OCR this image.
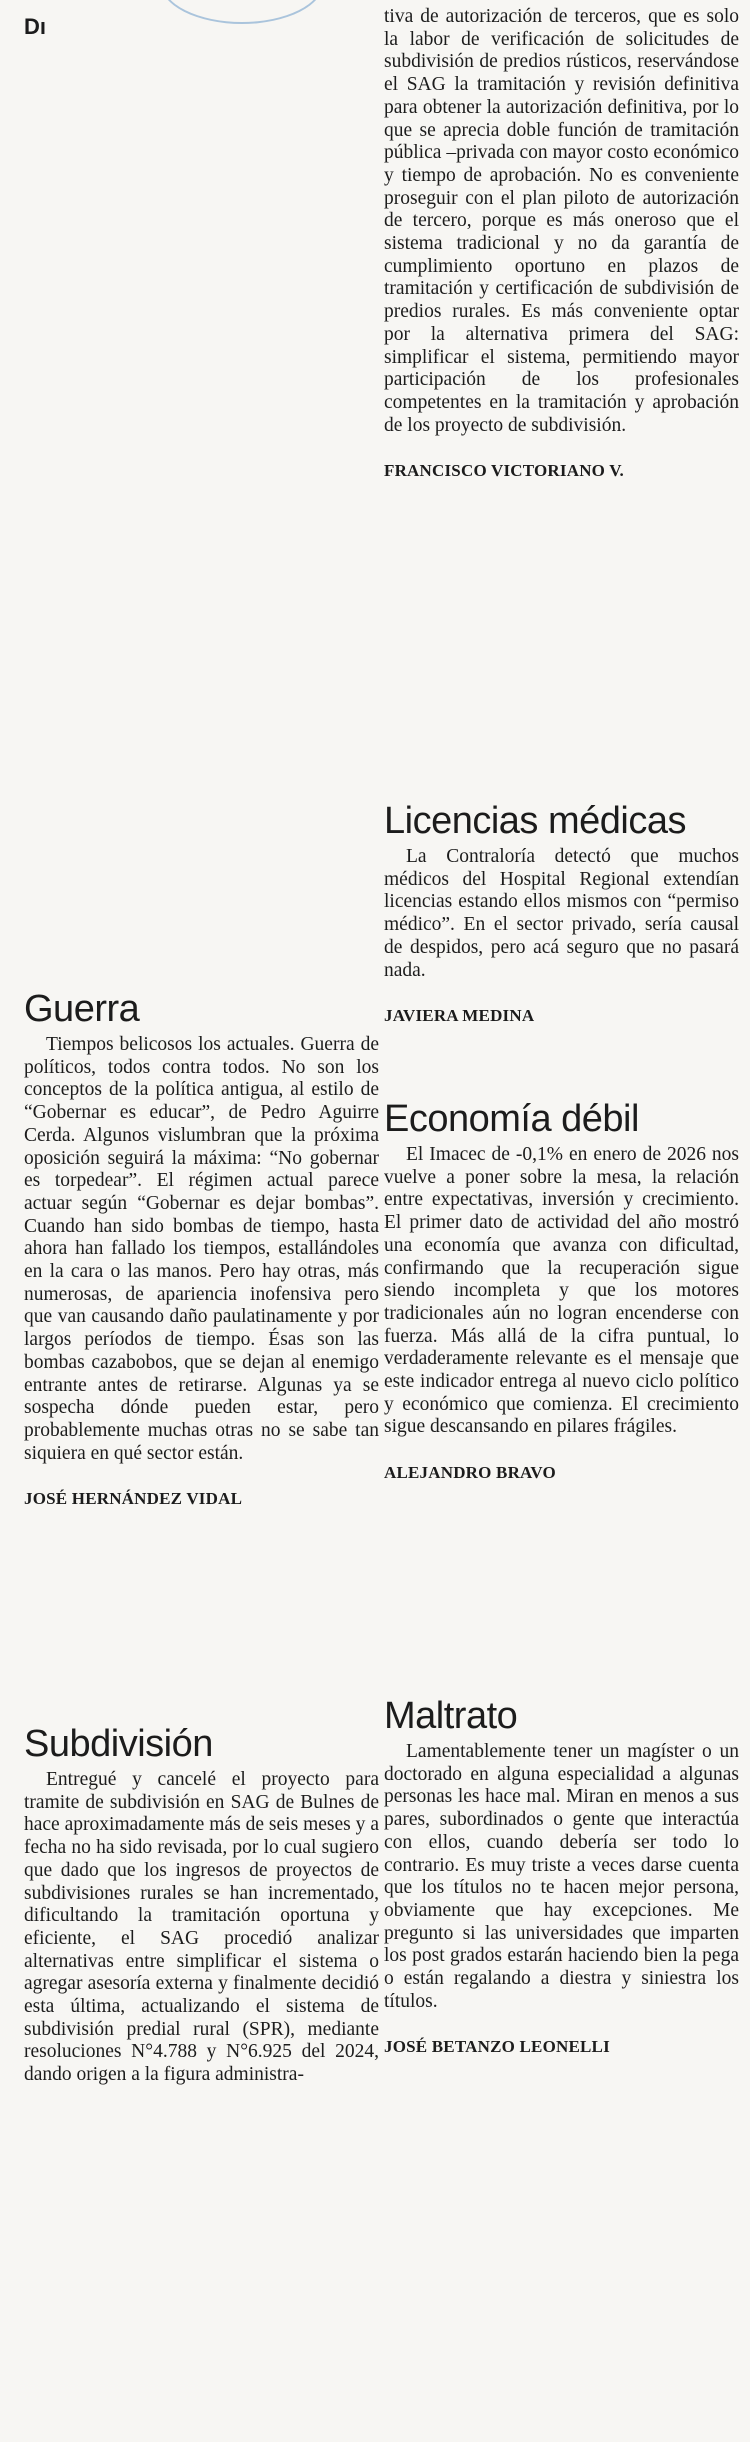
Dı
Guerra

Tiempos belicosos los actuales. Guerra de políticos, todos contra todos. No son los conceptos de la política antigua, al estilo de “Gobernar es educar”, de Pedro Aguirre Cerda. Algunos vislumbran que la próxima oposición seguirá la máxima: “No gobernar es torpedear”. El régimen actual parece actuar según “Gobernar es dejar bombas”. Cuando han sido bombas de tiempo, hasta ahora han fallado los tiempos, estallándoles en la cara o las manos. Pero hay otras, más numerosas, de apariencia inofensiva pero que van causando daño paulatinamente y por largos períodos de tiempo. Ésas son las bombas cazabobos, que se dejan al enemigo entrante antes de retirarse. Algunas ya se sospecha dónde pueden estar, pero probablemente muchas otras no se sabe tan siquiera en qué sector están.

JOSÉ HERNÁNDEZ VIDAL
Subdivisión

Entregué y cancelé el proyecto para tramite de subdivisión en SAG de Bulnes de hace aproximadamente más de seis meses y a fecha no ha sido revisada, por lo cual sugiero que dado que los ingresos de proyectos de subdivisiones rurales se han incrementado, dificultando la tramitación oportuna y eficiente, el SAG procedió analizar alternativas entre simplificar el sistema o agregar asesoría externa y finalmente decidió esta última, actualizando el sistema de subdivisión predial rural (SPR), mediante resoluciones N°4.788 y N°6.925 del 2024, dando origen a la figura administra-

tiva de autorización de terceros, que es solo la labor de verificación de solicitudes de subdivisión de predios rústicos, reservándose el SAG la tramitación y revisión definitiva para obtener la autorización definitiva, por lo que se aprecia doble función de tramitación pública –privada con mayor costo económico y tiempo de aprobación. No es conveniente proseguir con el plan piloto de autorización de tercero, porque es más oneroso que el sistema tradicional y no da garantía de cumplimiento oportuno en plazos de tramitación y certificación de subdivisión de predios rurales. Es más conveniente optar por la alternativa primera del SAG: simplificar el sistema, permitiendo mayor participación de los profesionales competentes en la tramitación y aprobación de los proyecto de subdivisión.

FRANCISCO VICTORIANO V.
Licencias médicas

La Contraloría detectó que muchos médicos del Hospital Regional extendían licencias estando ellos mismos con “permiso médico”. En el sector privado, sería causal de despidos, pero acá seguro que no pasará nada.

JAVIERA MEDINA
Economía débil

El Imacec de -0,1% en enero de 2026 nos vuelve a poner sobre la mesa, la relación entre expectativas, inversión y crecimiento. El primer dato de actividad del año mostró una economía que avanza con dificultad, confirmando que la recuperación sigue siendo incompleta y que los motores tradicionales aún no logran encenderse con fuerza. Más allá de la cifra puntual, lo verdaderamente relevante es el mensaje que este indicador entrega al nuevo ciclo político y económico que comienza. El crecimiento sigue descansando en pilares frágiles.

ALEJANDRO BRAVO
Maltrato

Lamentablemente tener un magíster o un doctorado en alguna especialidad a algunas personas les hace mal. Miran en menos a sus pares, subordinados o gente que interactúa con ellos, cuando debería ser todo lo contrario. Es muy triste a veces darse cuenta que los títulos no te hacen mejor persona, obviamente que hay excepciones. Me pregunto si las universidades que imparten los post grados estarán haciendo bien la pega o están regalando a diestra y siniestra los títulos.

JOSÉ BETANZO LEONELLI
